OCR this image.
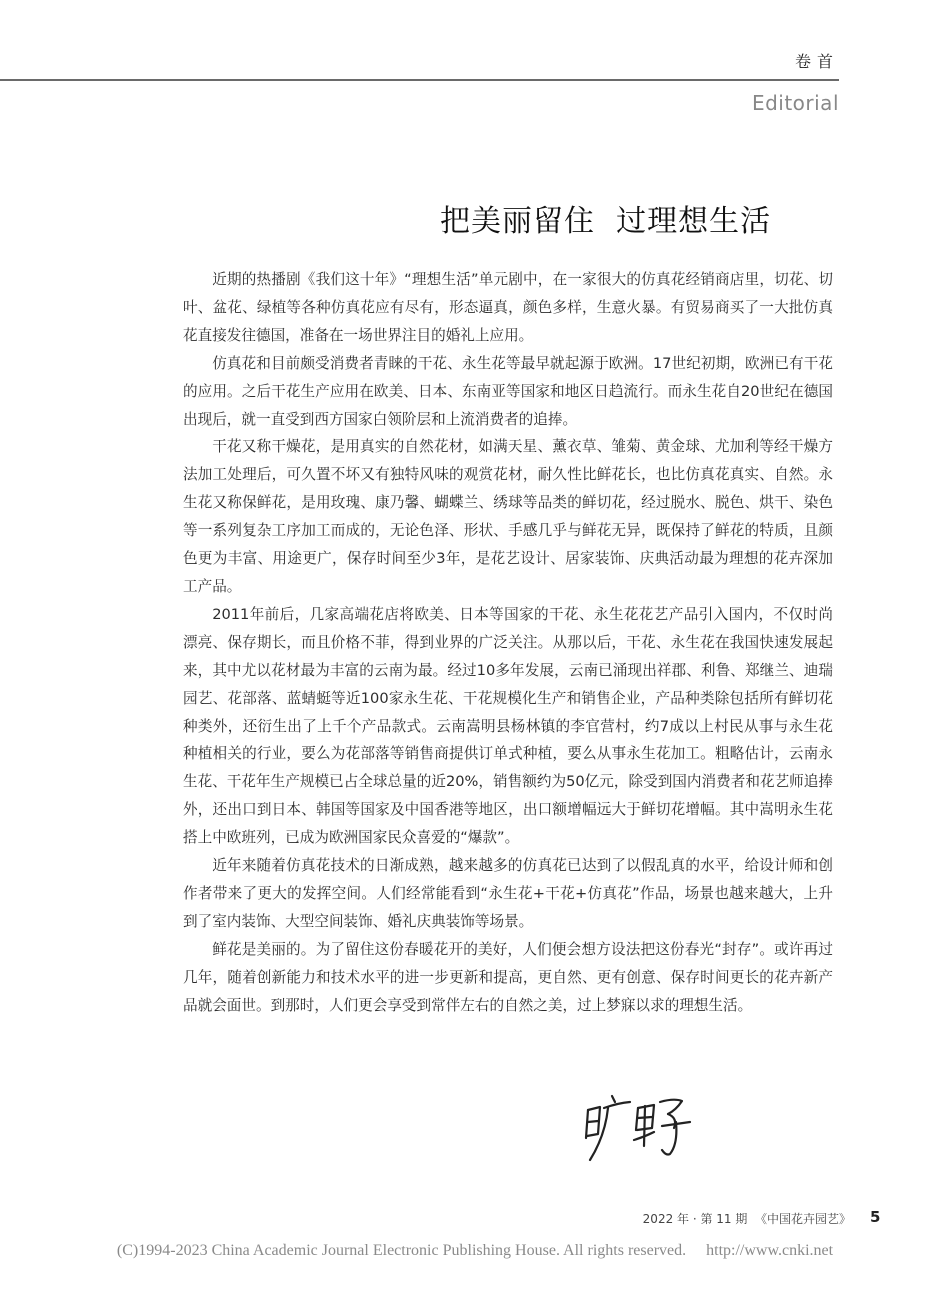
卷首
Editorial
把美丽留住  过理想生活

近期的热播剧《我们这十年》“理想生活”单元剧中，在一家很大的仿真花经销商店里，切花、切叶、盆花、绿植等各种仿真花应有尽有，形态逼真，颜色多样，生意火暴。有贸易商买了一大批仿真花直接发往德国，准备在一场世界注目的婚礼上应用。

仿真花和目前颇受消费者青睐的干花、永生花等最早就起源于欧洲。17世纪初期，欧洲已有干花的应用。之后干花生产应用在欧美、日本、东南亚等国家和地区日趋流行。而永生花自20世纪在德国出现后，就一直受到西方国家白领阶层和上流消费者的追捧。

干花又称干燥花，是用真实的自然花材，如满天星、薰衣草、雏菊、黄金球、尤加利等经干燥方法加工处理后，可久置不坏又有独特风味的观赏花材，耐久性比鲜花长，也比仿真花真实、自然。永生花又称保鲜花，是用玫瑰、康乃馨、蝴蝶兰、绣球等品类的鲜切花，经过脱水、脱色、烘干、染色等一系列复杂工序加工而成的，无论色泽、形状、手感几乎与鲜花无异，既保持了鲜花的特质，且颜色更为丰富、用途更广，保存时间至少3年，是花艺设计、居家装饰、庆典活动最为理想的花卉深加工产品。

2011年前后，几家高端花店将欧美、日本等国家的干花、永生花花艺产品引入国内，不仅时尚漂亮、保存期长，而且价格不菲，得到业界的广泛关注。从那以后，干花、永生花在我国快速发展起来，其中尤以花材最为丰富的云南为最。经过10多年发展，云南已涌现出祥郡、利鲁、郑继兰、迪瑞园艺、花部落、蓝蜻蜓等近100家永生花、干花规模化生产和销售企业，产品种类除包括所有鲜切花种类外，还衍生出了上千个产品款式。云南嵩明县杨林镇的李官营村，约7成以上村民从事与永生花种植相关的行业，要么为花部落等销售商提供订单式种植，要么从事永生花加工。粗略估计，云南永生花、干花年生产规模已占全球总量的近20%，销售额约为50亿元，除受到国内消费者和花艺师追捧外，还出口到日本、韩国等国家及中国香港等地区，出口额增幅远大于鲜切花增幅。其中嵩明永生花搭上中欧班列，已成为欧洲国家民众喜爱的“爆款”。

近年来随着仿真花技术的日渐成熟，越来越多的仿真花已达到了以假乱真的水平，给设计师和创作者带来了更大的发挥空间。人们经常能看到“永生花+干花+仿真花”作品，场景也越来越大，上升到了室内装饰、大型空间装饰、婚礼庆典装饰等场景。

鲜花是美丽的。为了留住这份春暖花开的美好，人们便会想方设法把这份春光“封存”。或许再过几年，随着创新能力和技术水平的进一步更新和提高，更自然、更有创意、保存时间更长的花卉新产品就会面世。到那时，人们更会享受到常伴左右的自然之美，过上梦寐以求的理想生活。

2022 年 · 第 11 期  《中国花卉园艺》 5
(C)1994-2023 China Academic Journal Electronic Publishing House. All rights reserved.     http://www.cnki.net
